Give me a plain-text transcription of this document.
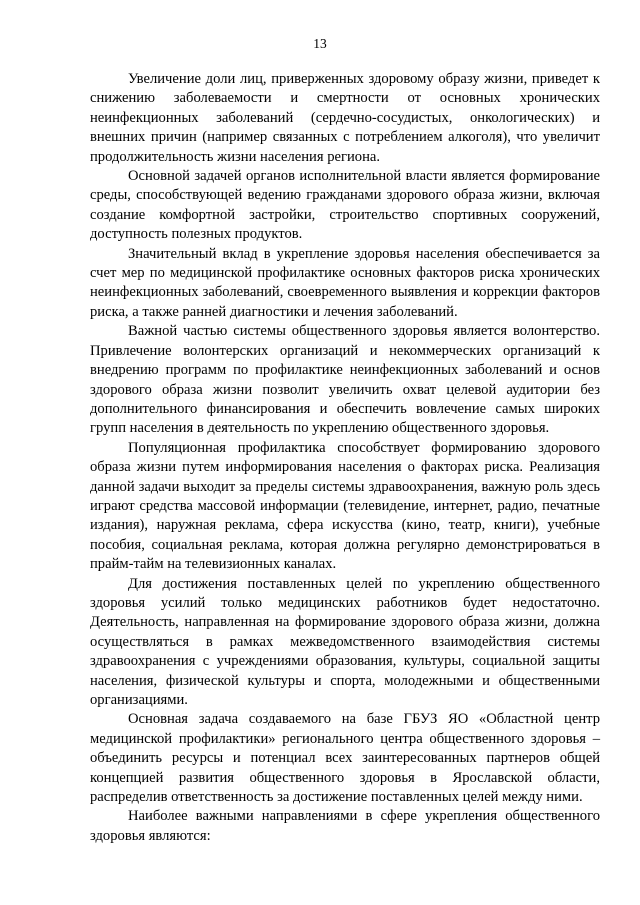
13

Увеличение доли лиц, приверженных здоровому образу жизни, приведет к снижению заболеваемости и смертности от основных хронических неинфекционных заболеваний (сердечно-сосудистых, онкологических) и внешних причин (например связанных с потреблением алкоголя), что увеличит продолжительность жизни населения региона.

Основной задачей органов исполнительной власти является формирование среды, способствующей ведению гражданами здорового образа жизни, включая создание комфортной застройки, строительство спортивных сооружений, доступность полезных продуктов.

Значительный вклад в укрепление здоровья населения обеспечивается за счет мер по медицинской профилактике основных факторов риска хронических неинфекционных заболеваний, своевременного выявления и коррекции факторов риска, а также ранней диагностики и лечения заболеваний.

Важной частью системы общественного здоровья является волонтерство. Привлечение волонтерских организаций и некоммерческих организаций к внедрению программ по профилактике неинфекционных заболеваний и основ здорового образа жизни позволит увеличить охват целевой аудитории без дополнительного финансирования и обеспечить вовлечение самых широких групп населения в деятельность по укреплению общественного здоровья.

Популяционная профилактика способствует формированию здорового образа жизни путем информирования населения о факторах риска. Реализация данной задачи выходит за пределы системы здравоохранения, важную роль здесь играют средства массовой информации (телевидение, интернет, радио, печатные издания), наружная реклама, сфера искусства (кино, театр, книги), учебные пособия, социальная реклама, которая должна регулярно демонстрироваться в прайм-тайм на телевизионных каналах.

Для достижения поставленных целей по укреплению общественного здоровья усилий только медицинских работников будет недостаточно. Деятельность, направленная на формирование здорового образа жизни, должна осуществляться в рамках межведомственного взаимодействия системы здравоохранения с учреждениями образования, культуры, социальной защиты населения, физической культуры и спорта, молодежными и общественными организациями.

Основная задача создаваемого на базе ГБУЗ ЯО «Областной центр медицинской профилактики» регионального центра общественного здоровья – объединить ресурсы и потенциал всех заинтересованных партнеров общей концепцией развития общественного здоровья в Ярославской области, распределив ответственность за достижение поставленных целей между ними.

Наиболее важными направлениями в сфере укрепления общественного здоровья являются:
